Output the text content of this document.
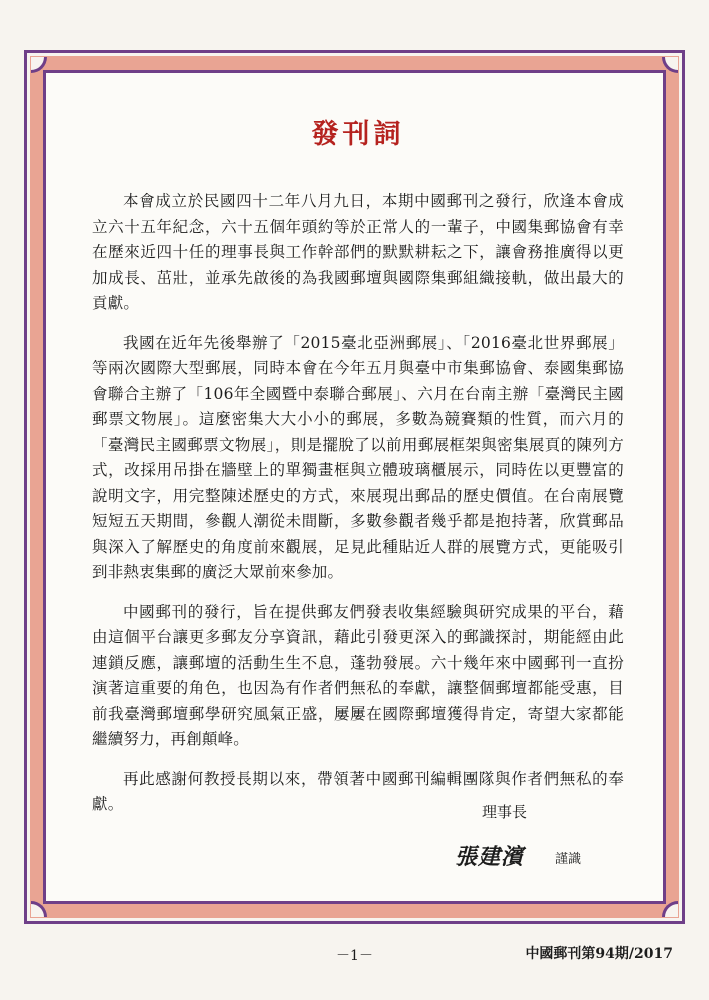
發刊詞

本會成立於民國四十二年八月九日，本期中國郵刊之發行，欣逢本會成立六十五年紀念，六十五個年頭約等於正常人的一輩子，中國集郵協會有幸在歷來近四十任的理事長與工作幹部們的默默耕耘之下，讓會務推廣得以更加成長、茁壯，並承先啟後的為我國郵壇與國際集郵組織接軌，做出最大的貢獻。

我國在近年先後舉辦了「2015臺北亞洲郵展」、「2016臺北世界郵展」等兩次國際大型郵展，同時本會在今年五月與臺中市集郵協會、泰國集郵協會聯合主辦了「106年全國暨中泰聯合郵展」、六月在台南主辦「臺灣民主國郵票文物展」。這麼密集大大小小的郵展，多數為競賽類的性質，而六月的「臺灣民主國郵票文物展」，則是擺脫了以前用郵展框架與密集展頁的陳列方式，改採用吊掛在牆壁上的單獨畫框與立體玻璃櫃展示，同時佐以更豐富的說明文字，用完整陳述歷史的方式，來展現出郵品的歷史價值。在台南展覽短短五天期間，參觀人潮從未間斷，多數參觀者幾乎都是抱持著，欣賞郵品與深入了解歷史的角度前來觀展，足見此種貼近人群的展覽方式，更能吸引到非熱衷集郵的廣泛大眾前來參加。

中國郵刊的發行，旨在提供郵友們發表收集經驗與研究成果的平台，藉由這個平台讓更多郵友分享資訊，藉此引發更深入的郵識探討，期能經由此連鎖反應，讓郵壇的活動生生不息，蓬勃發展。六十幾年來中國郵刊一直扮演著這重要的角色，也因為有作者們無私的奉獻，讓整個郵壇都能受惠，目前我臺灣郵壇郵學研究風氣正盛，屢屢在國際郵壇獲得肯定，寄望大家都能繼續努力，再創顛峰。

再此感謝何教授長期以來，帶領著中國郵刊編輯團隊與作者們無私的奉獻。	理事長
張建濱 謹識
－1－	中國郵刊第94期/2017
